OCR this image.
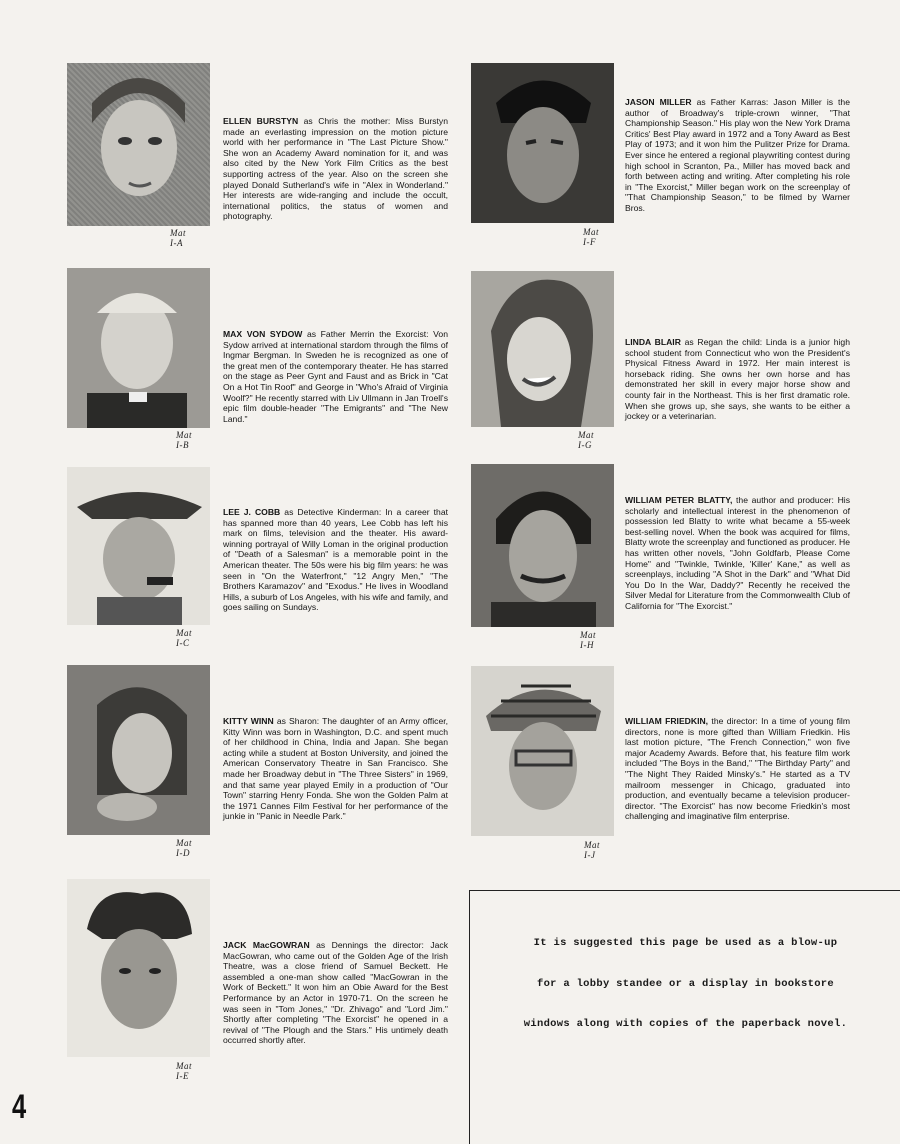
Mat I-A
ELLEN BURSTYN as Chris the mother: Miss Burstyn made an everlasting impression on the motion picture world with her performance in "The Last Picture Show." She won an Academy Award nomination for it, and was also cited by the New York Film Critics as the best supporting actress of the year. Also on the screen she played Donald Sutherland's wife in "Alex in Wonderland." Her interests are wide-ranging and include the occult, international politics, the status of women and photography.
Mat I-B
MAX VON SYDOW as Father Merrin the Exorcist: Von Sydow arrived at international stardom through the films of Ingmar Bergman. In Sweden he is recognized as one of the great men of the contemporary theater. He has starred on the stage as Peer Gynt and Faust and as Brick in "Cat On a Hot Tin Roof" and George in "Who's Afraid of Virginia Woolf?" He recently starred with Liv Ullmann in Jan Troell's epic film double-header "The Emigrants" and "The New Land."
Mat I-C
LEE J. COBB as Detective Kinderman: In a career that has spanned more than 40 years, Lee Cobb has left his mark on films, television and the theater. His award-winning portrayal of Willy Loman in the original production of "Death of a Salesman" is a memorable point in the American theater. The 50s were his big film years: he was seen in "On the Waterfront," "12 Angry Men," "The Brothers Karamazov" and "Exodus." He lives in Woodland Hills, a suburb of Los Angeles, with his wife and family, and goes sailing on Sundays.
Mat I-D
KITTY WINN as Sharon: The daughter of an Army officer, Kitty Winn was born in Washington, D.C. and spent much of her childhood in China, India and Japan. She began acting while a student at Boston University, and joined the American Conservatory Theatre in San Francisco. She made her Broadway debut in "The Three Sisters" in 1969, and that same year played Emily in a production of "Our Town" starring Henry Fonda. She won the Golden Palm at the 1971 Cannes Film Festival for her performance of the junkie in "Panic in Needle Park."
Mat I-E
JACK MacGOWRAN as Dennings the director: Jack MacGowran, who came out of the Golden Age of the Irish Theatre, was a close friend of Samuel Beckett. He assembled a one-man show called "MacGowran in the Work of Beckett." It won him an Obie Award for the Best Performance by an Actor in 1970-71. On the screen he was seen in "Tom Jones," "Dr. Zhivago" and "Lord Jim." Shortly after completing "The Exorcist" he opened in a revival of "The Plough and the Stars." His untimely death occurred shortly after.
Mat I-F
JASON MILLER as Father Karras: Jason Miller is the author of Broadway's triple-crown winner, "That Championship Season." His play won the New York Drama Critics' Best Play award in 1972 and a Tony Award as Best Play of 1973; and it won him the Pulitzer Prize for Drama. Ever since he entered a regional playwriting contest during high school in Scranton, Pa., Miller has moved back and forth between acting and writing. After completing his role in "The Exorcist," Miller began work on the screenplay of "That Championship Season," to be filmed by Warner Bros.
Mat I-G
LINDA BLAIR as Regan the child: Linda is a junior high school student from Connecticut who won the President's Physical Fitness Award in 1972. Her main interest is horseback riding. She owns her own horse and has demonstrated her skill in every major horse show and county fair in the Northeast. This is her first dramatic role. When she grows up, she says, she wants to be either a jockey or a veterinarian.
Mat I-H
WILLIAM PETER BLATTY, the author and producer: His scholarly and intellectual interest in the phenomenon of possession led Blatty to write what became a 55-week best-selling novel. When the book was acquired for films, Blatty wrote the screenplay and functioned as producer. He has written other novels, "John Goldfarb, Please Come Home" and "Twinkle, Twinkle, 'Killer' Kane," as well as screenplays, including "A Shot in the Dark" and "What Did You Do In the War, Daddy?" Recently he received the Silver Medal for Literature from the Commonwealth Club of California for "The Exorcist."
Mat I-J
WILLIAM FRIEDKIN, the director: In a time of young film directors, none is more gifted than William Friedkin. His last motion picture, "The French Connection," won five major Academy Awards. Before that, his feature film work included "The Boys in the Band," "The Birthday Party" and "The Night They Raided Minsky's." He started as a TV mailroom messenger in Chicago, graduated into production, and eventually became a television producer-director. "The Exorcist" has now become Friedkin's most challenging and imaginative film enterprise.
It is suggested this page be used as a blow-up
for a lobby standee or a display in bookstore
windows along with copies of the paperback novel.
4
